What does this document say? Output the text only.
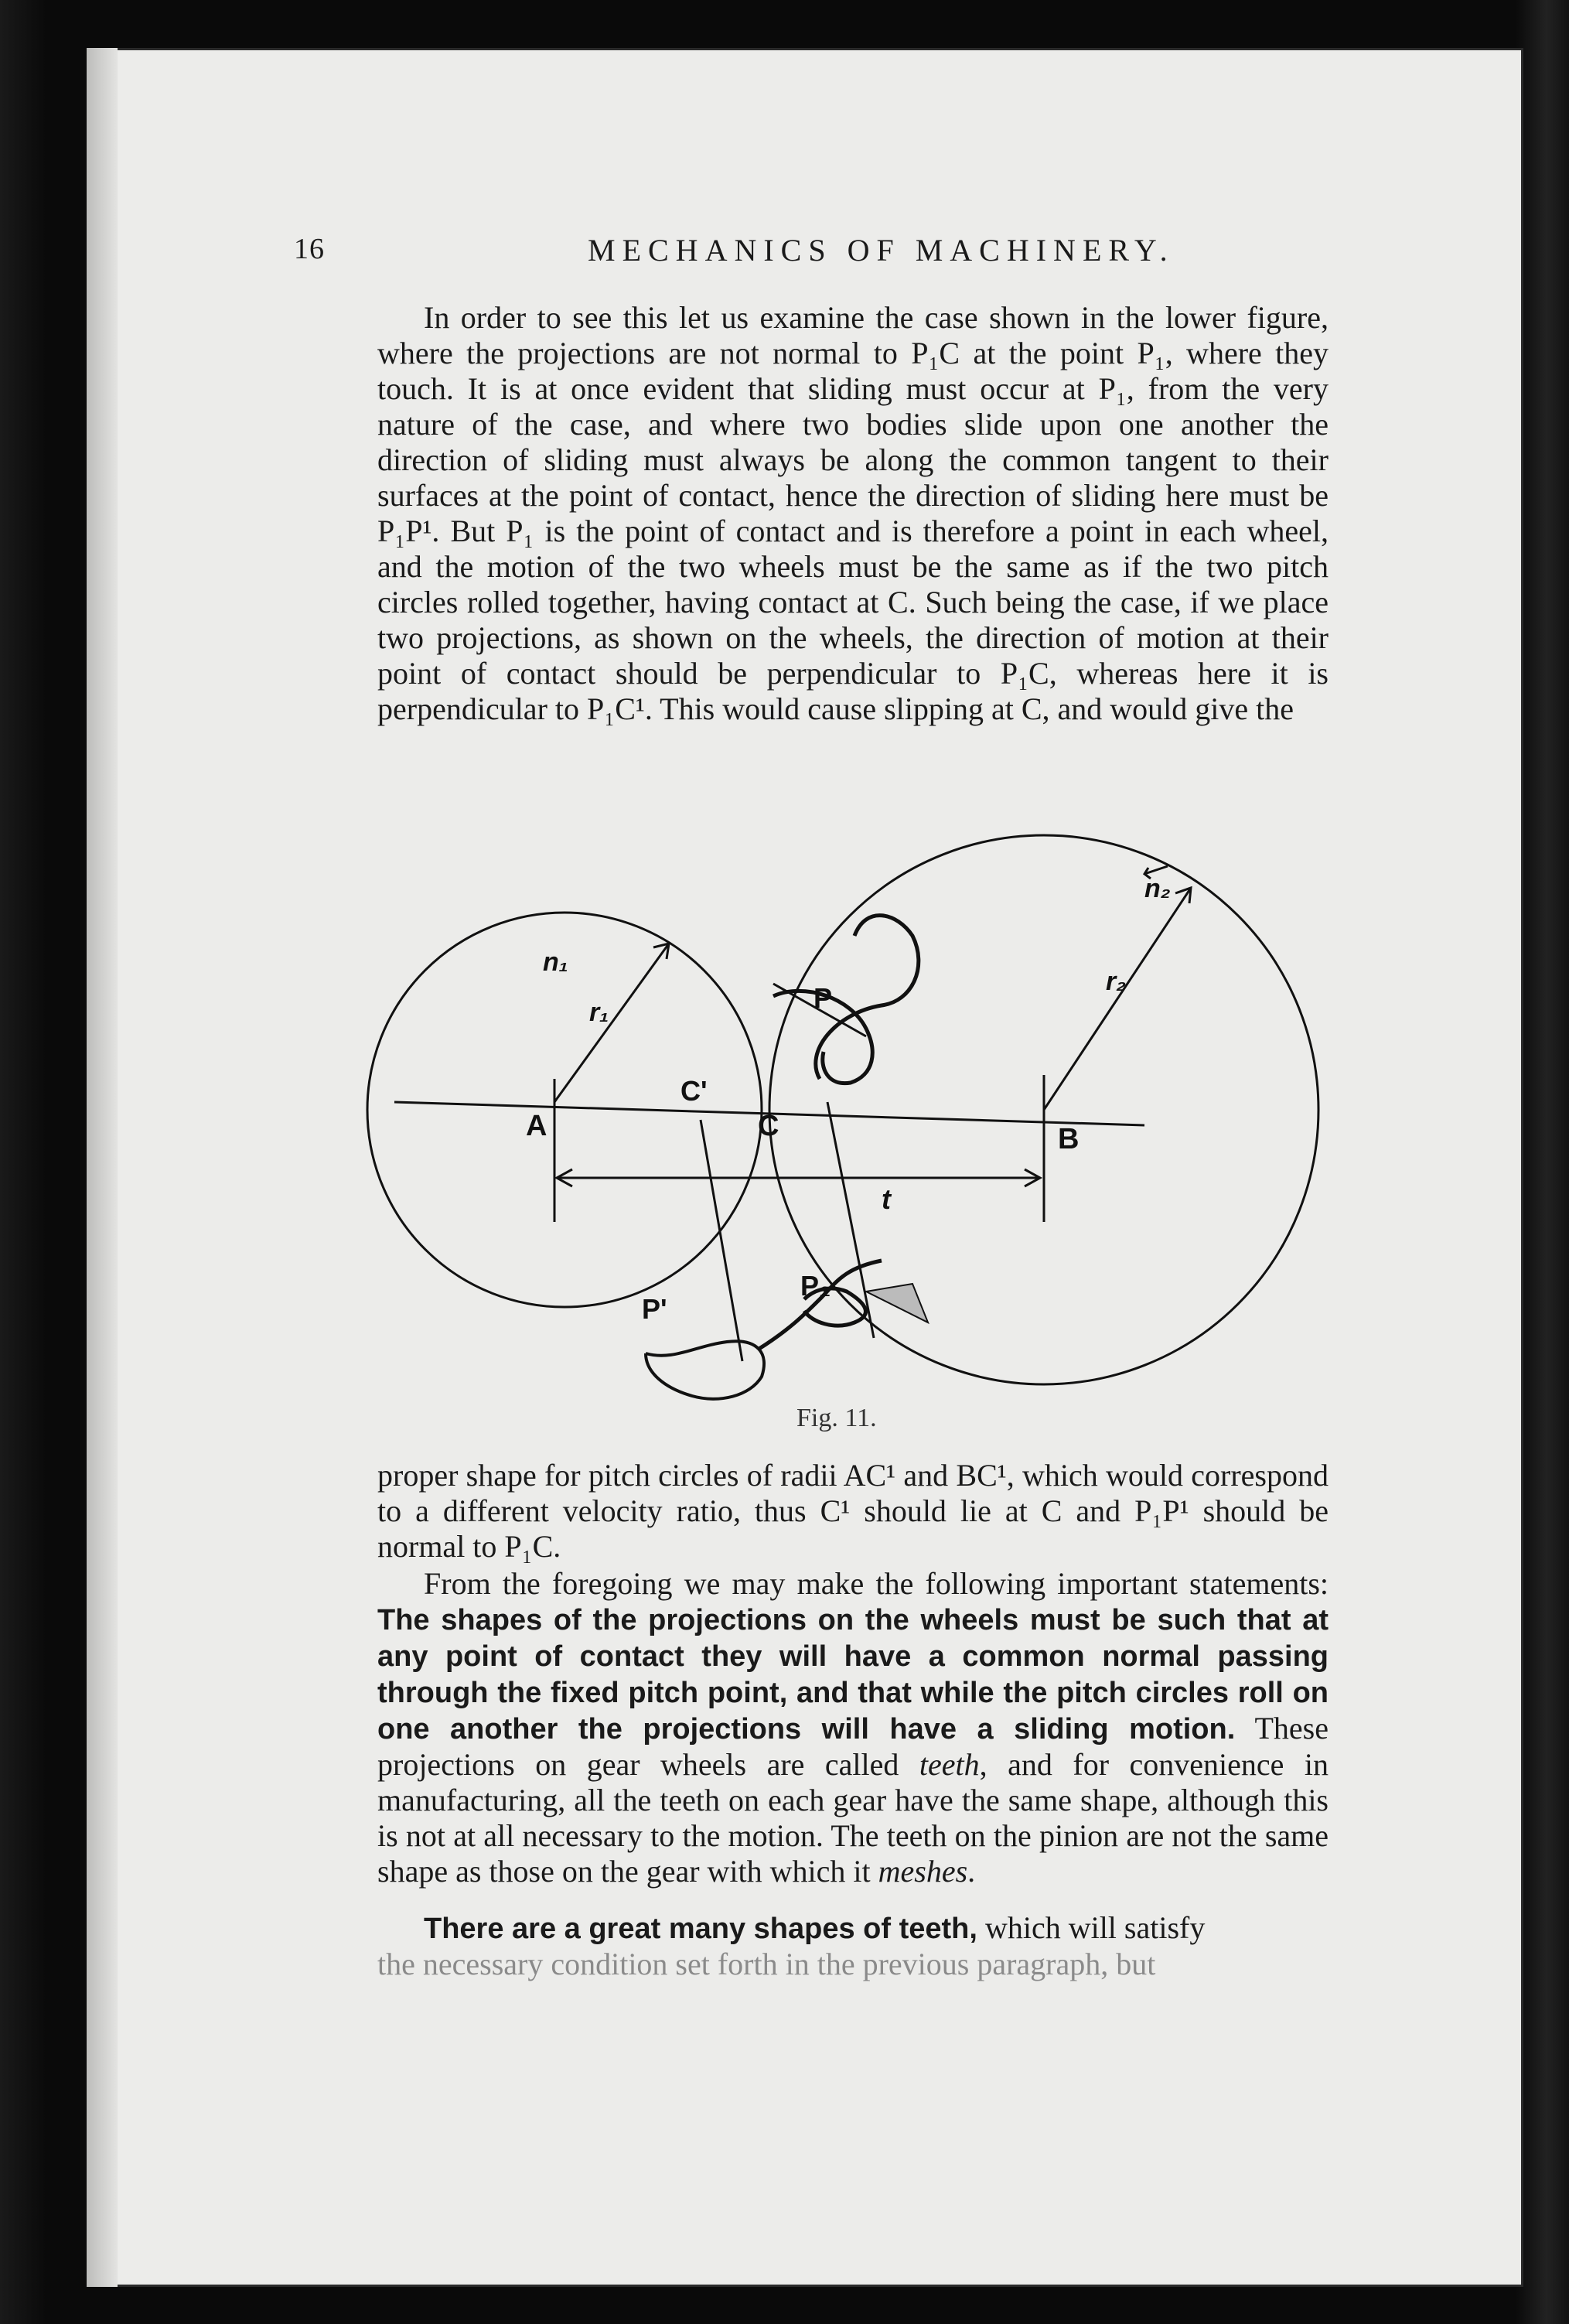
16	MECHANICS OF MACHINERY.

In order to see this let us examine the case shown in the lower figure, where the projections are not normal to P₁C at the point P₁, where they touch. It is at once evident that sliding must occur at P₁, from the very nature of the case, and where two bodies slide upon one another the direction of sliding must always be along the common tangent to their surfaces at the point of contact, hence the direction of sliding here must be P₁P¹. But P₁ is the point of contact and is therefore a point in each wheel, and the motion of the two wheels must be the same as if the two pitch circles rolled together, having contact at C. Such being the case, if we place two projections, as shown on the wheels, the direction of motion at their point of contact should be perpendicular to P₁C, whereas here it is perpendicular to P₁C¹. This would cause slipping at C, and would give the

A	B
C
C'
P
P₁
P'
r₁
r₂
n₁
n₂
t
Fig. 11.

proper shape for pitch circles of radii AC¹ and BC¹, which would correspond to a different velocity ratio, thus C¹ should lie at C and P₁P¹ should be normal to P₁C.

From the foregoing we may make the following important statements: The shapes of the projections on the wheels must be such that at any point of contact they will have a common normal passing through the fixed pitch point, and that while the pitch circles roll on one another the projections will have a sliding motion. These projections on gear wheels are called teeth, and for convenience in manufacturing, all the teeth on each gear have the same shape, although this is not at all necessary to the motion. The teeth on the pinion are not the same shape as those on the gear with which it meshes.

There are a great many shapes of teeth, which will satisfy
the necessary condition set forth in the previous paragraph, but
